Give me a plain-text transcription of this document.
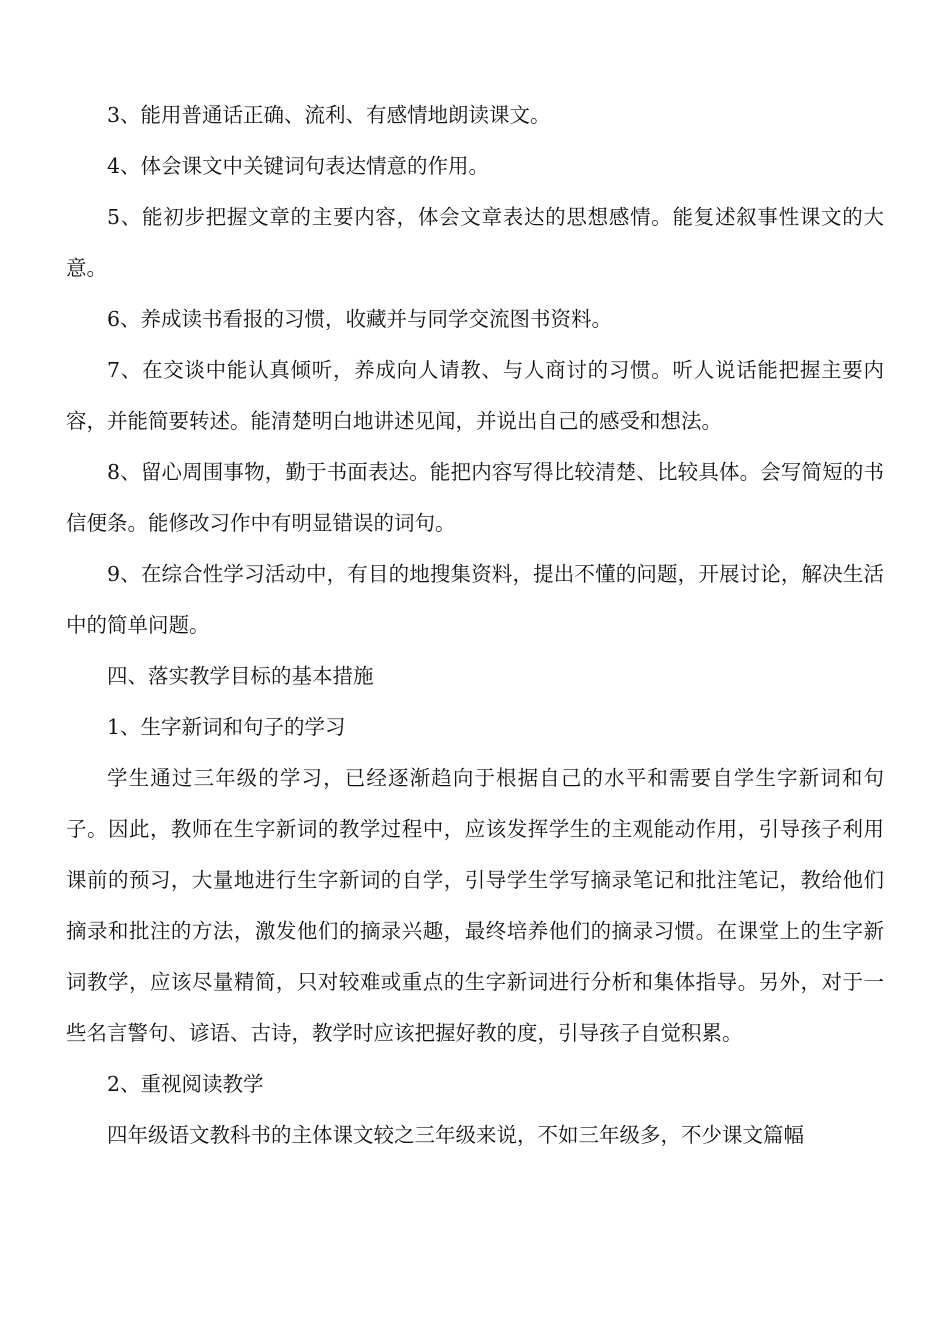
3、能用普通话正确、流利、有感情地朗读课文。

4、体会课文中关键词句表达情意的作用。

5、能初步把握文章的主要内容，体会文章表达的思想感情。能复述叙事性课文的大意。

6、养成读书看报的习惯，收藏并与同学交流图书资料。

7、在交谈中能认真倾听，养成向人请教、与人商讨的习惯。听人说话能把握主要内容，并能简要转述。能清楚明白地讲述见闻，并说出自己的感受和想法。

8、留心周围事物，勤于书面表达。能把内容写得比较清楚、比较具体。会写简短的书信便条。能修改习作中有明显错误的词句。

9、在综合性学习活动中，有目的地搜集资料，提出不懂的问题，开展讨论，解决生活中的简单问题。

四、落实教学目标的基本措施

1、生字新词和句子的学习

学生通过三年级的学习，已经逐渐趋向于根据自己的水平和需要自学生字新词和句子。因此，教师在生字新词的教学过程中，应该发挥学生的主观能动作用，引导孩子利用课前的预习，大量地进行生字新词的自学，引导学生学写摘录笔记和批注笔记，教给他们摘录和批注的方法，激发他们的摘录兴趣，最终培养他们的摘录习惯。在课堂上的生字新词教学，应该尽量精简，只对较难或重点的生字新词进行分析和集体指导。另外，对于一些名言警句、谚语、古诗，教学时应该把握好教的度，引导孩子自觉积累。

2、重视阅读教学

四年级语文教科书的主体课文较之三年级来说，不如三年级多，不少课文篇幅
